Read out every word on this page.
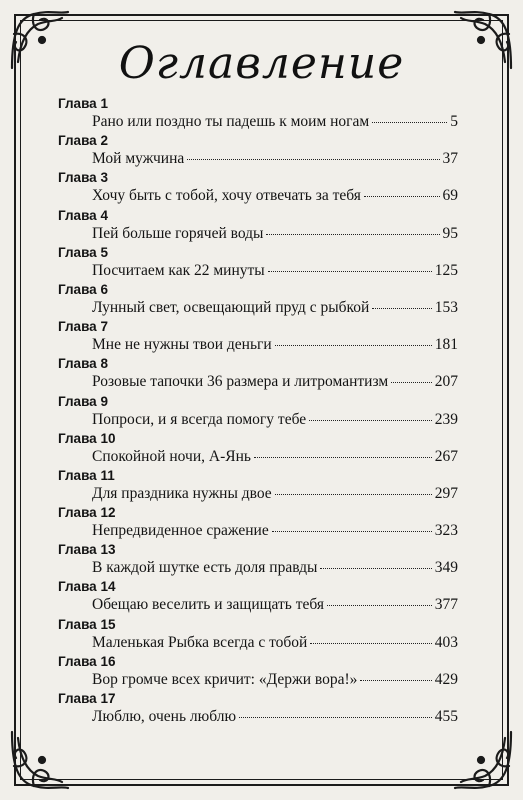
Оглавление
Глава 1
Рано или поздно ты падешь к моим ногам	5
Глава 2
Мой мужчина	37
Глава 3
Хочу быть с тобой, хочу отвечать за тебя	69
Глава 4
Пей больше горячей воды	95
Глава 5
Посчитаем как 22 минуты	125
Глава 6
Лунный свет, освещающий пруд с рыбкой	153
Глава 7
Мне не нужны твои деньги	181
Глава 8
Розовые тапочки 36 размера и литромантизм	207
Глава 9
Попроси, и я всегда помогу тебе	239
Глава 10
Спокойной ночи, А-Янь	267
Глава 11
Для праздника нужны двое	297
Глава 12
Непредвиденное сражение	323
Глава 13
В каждой шутке есть доля правды	349
Глава 14
Обещаю веселить и защищать тебя	377
Глава 15
Маленькая Рыбка всегда с тобой	403
Глава 16
Вор громче всех кричит: «Держи вора!»	429
Глава 17
Люблю, очень люблю	455
